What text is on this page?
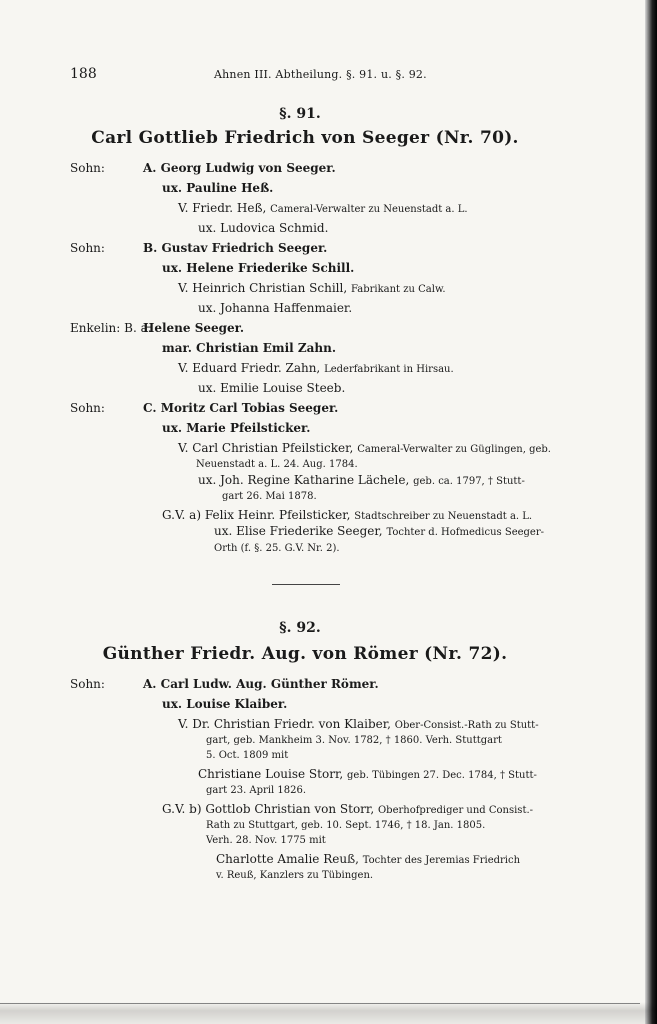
188	Ahnen III. Abtheilung. §. 91. u. §. 92.
§. 91.
Carl Gottlieb Friedrich von Seeger (Nr. 70).
Sohn:	A. Georg Ludwig von Seeger.
ux. Pauline Heß.
V. Friedr. Heß, Cameral-Verwalter zu Neuenstadt a. L.
ux. Ludovica Schmid.
Sohn:	B. Gustav Friedrich Seeger.
ux. Helene Friederike Schill.
V. Heinrich Christian Schill, Fabrikant zu Calw.
ux. Johanna Haffenmaier.
Enkelin: B. a.
Helene Seeger.
mar. Christian Emil Zahn.
V. Eduard Friedr. Zahn, Lederfabrikant in Hirsau.
ux. Emilie Louise Steeb.
Sohn:	C. Moritz Carl Tobias Seeger.
ux. Marie Pfeilsticker.
V. Carl Christian Pfeilsticker, Cameral-Verwalter zu Güglingen, geb.
Neuenstadt a. L. 24. Aug. 1784.
ux. Joh. Regine Katharine Lächele, geb. ca. 1797, † Stutt-
gart 26. Mai 1878.
G.V. a) Felix Heinr. Pfeilsticker, Stadtschreiber zu Neuenstadt a. L.
ux. Elise Friederike Seeger, Tochter d. Hofmedicus Seeger-
Orth (f. §. 25. G.V. Nr. 2).
§. 92.
Günther Friedr. Aug. von Römer (Nr. 72).
Sohn:	A. Carl Ludw. Aug. Günther Römer.
ux. Louise Klaiber.
V. Dr. Christian Friedr. von Klaiber, Ober-Consist.-Rath zu Stutt-
gart, geb. Mankheim 3. Nov. 1782, † 1860. Verh. Stuttgart
5. Oct. 1809 mit
Christiane Louise Storr, geb. Tübingen 27. Dec. 1784, † Stutt-
gart 23. April 1826.
G.V. b) Gottlob Christian von Storr, Oberhofprediger und Consist.-
Rath zu Stuttgart, geb. 10. Sept. 1746, † 18. Jan. 1805.
Verh. 28. Nov. 1775 mit
Charlotte Amalie Reuß, Tochter des Jeremias Friedrich
v. Reuß, Kanzlers zu Tübingen.
